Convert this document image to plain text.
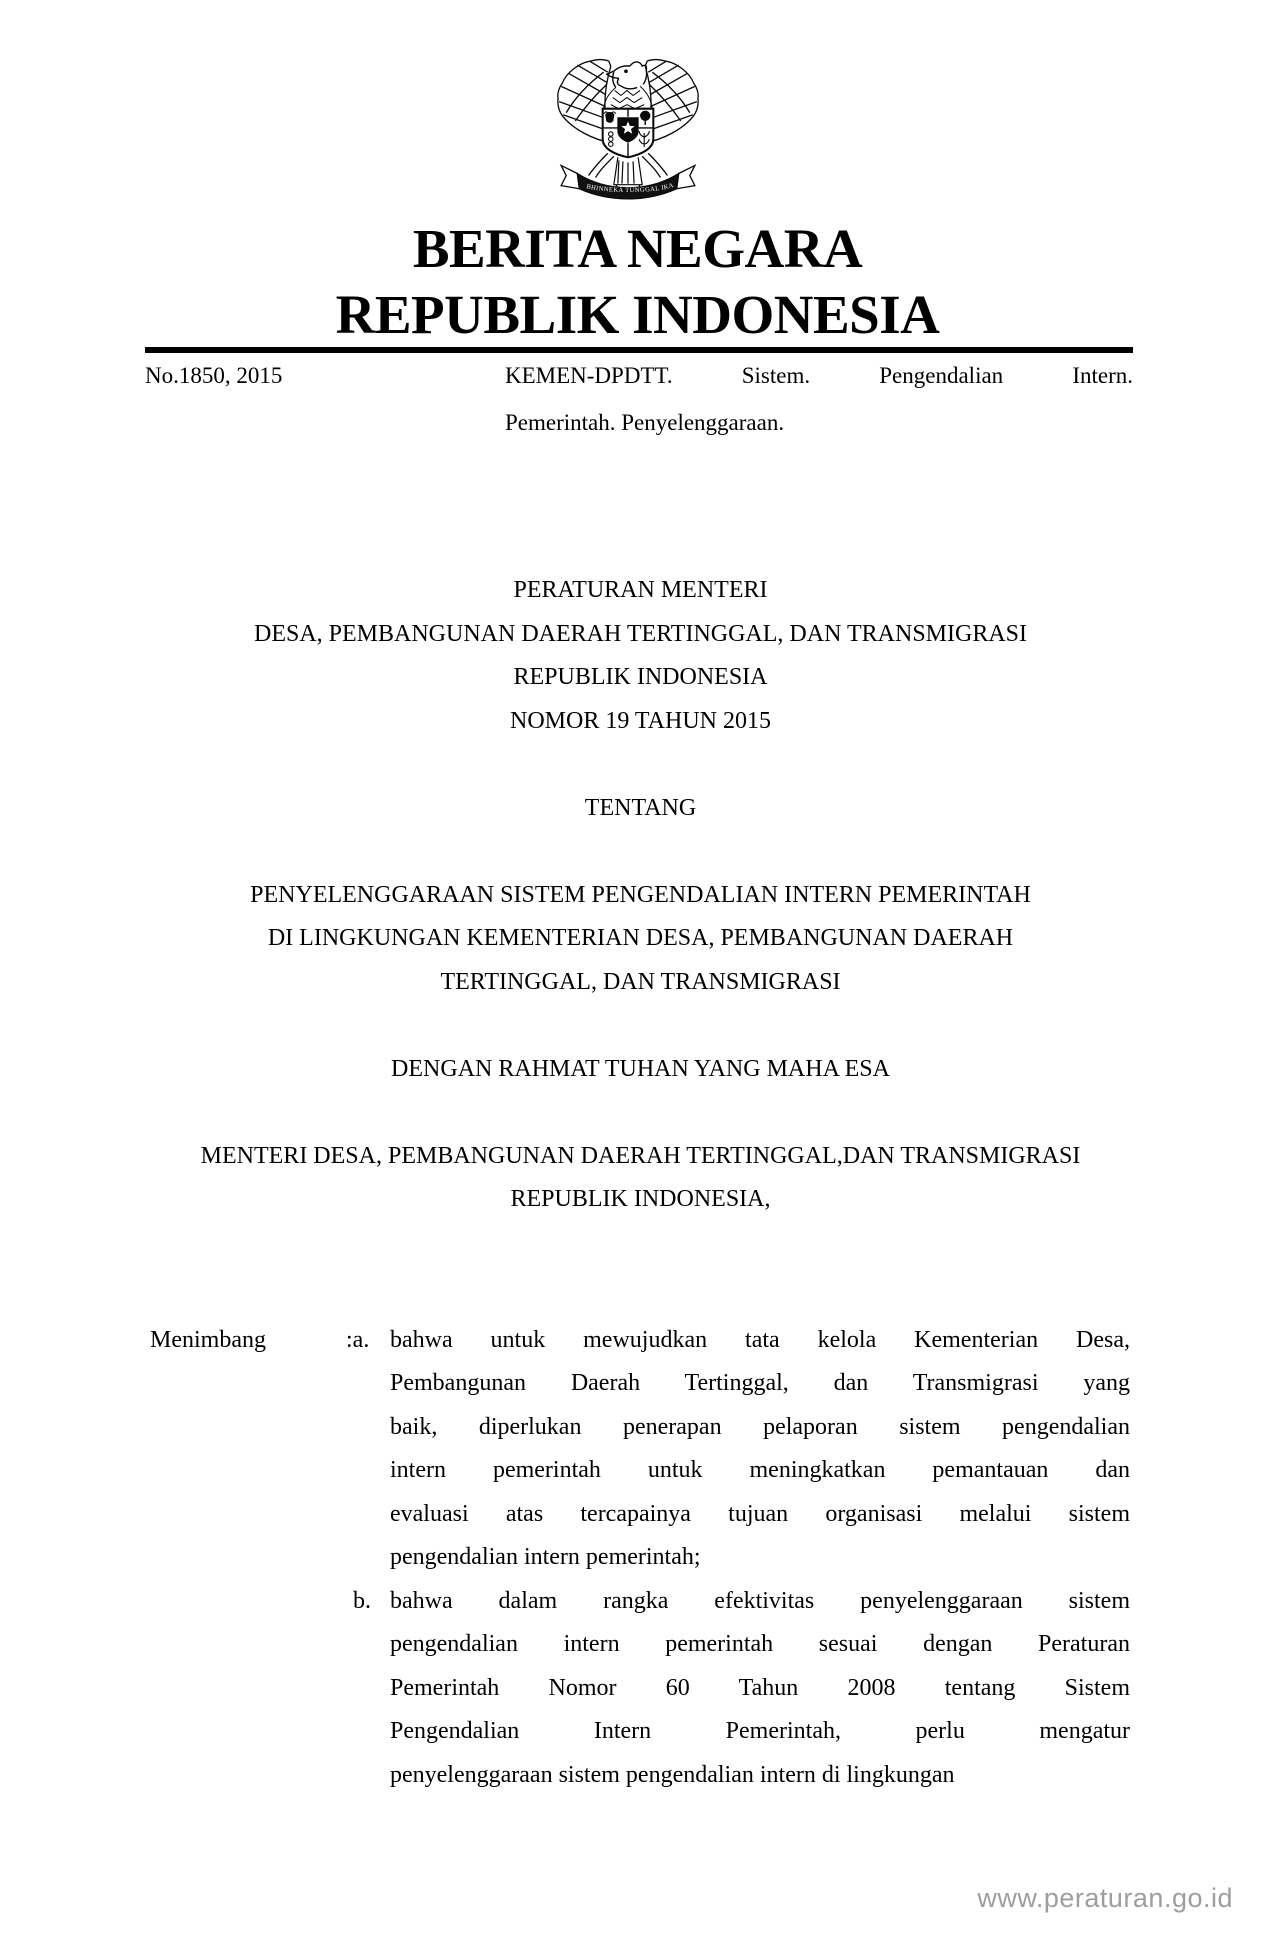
BHINNEKA TUNGGAL IKA
BERITA NEGARA
REPUBLIK INDONESIA
No.1850, 2015	KEMEN-DPDTT. Sistem. Pengendalian Intern.
Pemerintah. Penyelenggaraan.
PERATURAN MENTERI
DESA, PEMBANGUNAN DAERAH TERTINGGAL, DAN TRANSMIGRASI
REPUBLIK INDONESIA
NOMOR 19 TAHUN 2015
TENTANG
PENYELENGGARAAN SISTEM PENGENDALIAN INTERN PEMERINTAH
DI LINGKUNGAN KEMENTERIAN DESA, PEMBANGUNAN DAERAH
TERTINGGAL, DAN TRANSMIGRASI
DENGAN RAHMAT TUHAN YANG MAHA ESA
MENTERI DESA, PEMBANGUNAN DAERAH TERTINGGAL,DAN TRANSMIGRASI
REPUBLIK INDONESIA,
Menimbang	:a. bahwa untuk mewujudkan tata kelola Kementerian Desa,
Pembangunan Daerah Tertinggal, dan Transmigrasi yang
baik, diperlukan penerapan pelaporan sistem pengendalian
intern pemerintah untuk meningkatkan pemantauan dan
evaluasi atas tercapainya tujuan organisasi melalui sistem
pengendalian intern pemerintah;
b. bahwa dalam rangka efektivitas penyelenggaraan sistem
pengendalian intern pemerintah sesuai dengan Peraturan
Pemerintah Nomor 60 Tahun 2008 tentang Sistem
Pengendalian Intern Pemerintah, perlu mengatur
penyelenggaraan sistem pengendalian intern di lingkungan
www.peraturan.go.id
